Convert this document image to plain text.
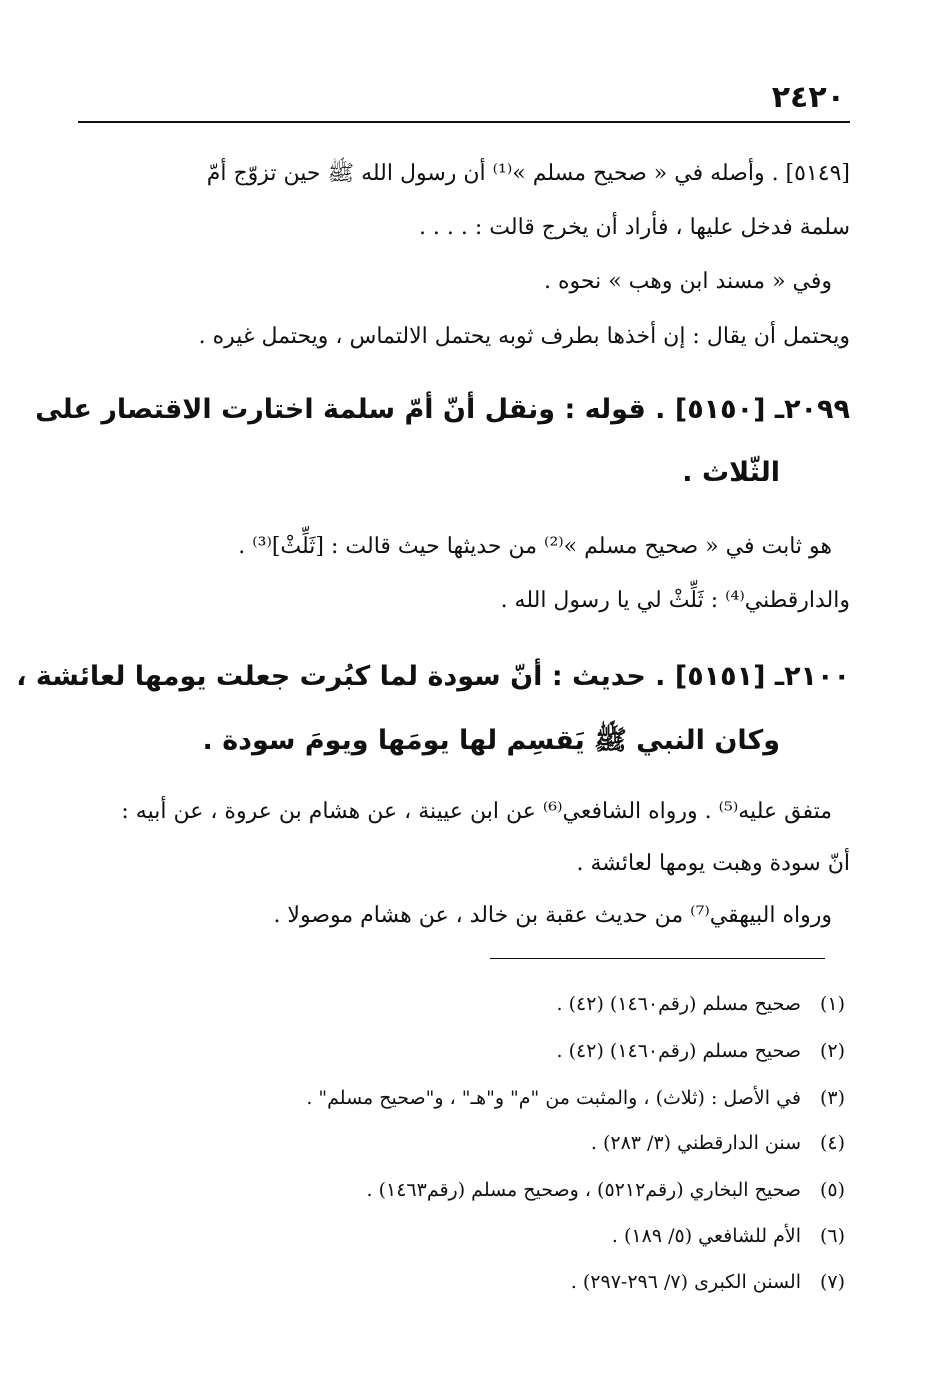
٢٤٢٠
[٥١٤٩] . وأصله في « صحيح مسلم »⁽¹⁾ أن رسول الله ﷺ حين تزوّج أمّ
سلمة فدخل عليها ، فأراد أن يخرج قالت : . . . .
وفي « مسند ابن وهب » نحوه .
ويحتمل أن يقال : إن أخذها بطرف ثوبه يحتمل الالتماس ، ويحتمل غيره .
٢٠٩٩ـ [٥١٥٠] . قوله : ونقل أنّ أمّ سلمة اختارت الاقتصار على
الثّلاث .
هو ثابت في « صحيح مسلم »⁽²⁾ من حديثها حيث قالت : [ثَلِّثْ]⁽³⁾ .
والدارقطني⁽⁴⁾ : ثَلِّثْ لي يا رسول الله .
٢١٠٠ـ [٥١٥١] . حديث : أنّ سودة لما كبُرت جعلت يومها لعائشة ،
وكان النبي ﷺ يَقسِم لها يومَها ويومَ سودة .
متفق عليه⁽⁵⁾ . ورواه الشافعي⁽⁶⁾ عن ابن عيينة ، عن هشام بن عروة ، عن أبيه :
أنّ سودة وهبت يومها لعائشة .
ورواه البيهقي⁽⁷⁾ من حديث عقبة بن خالد ، عن هشام موصولا .
(١)
صحيح مسلم (رقم١٤٦٠) (٤٢) .
(٢)
صحيح مسلم (رقم١٤٦٠) (٤٢) .
(٣)
في الأصل : (ثلاث) ، والمثبت من "م" و"هـ" ، و"صحيح مسلم" .
(٤)
سنن الدارقطني (٣/ ٢٨٣) .
(٥)
صحيح البخاري (رقم٥٢١٢) ، وصحيح مسلم (رقم١٤٦٣) .
(٦)
الأم للشافعي (٥/ ١٨٩) .
(٧)
السنن الكبرى (٧/ ٢٩٦-٢٩٧) .
